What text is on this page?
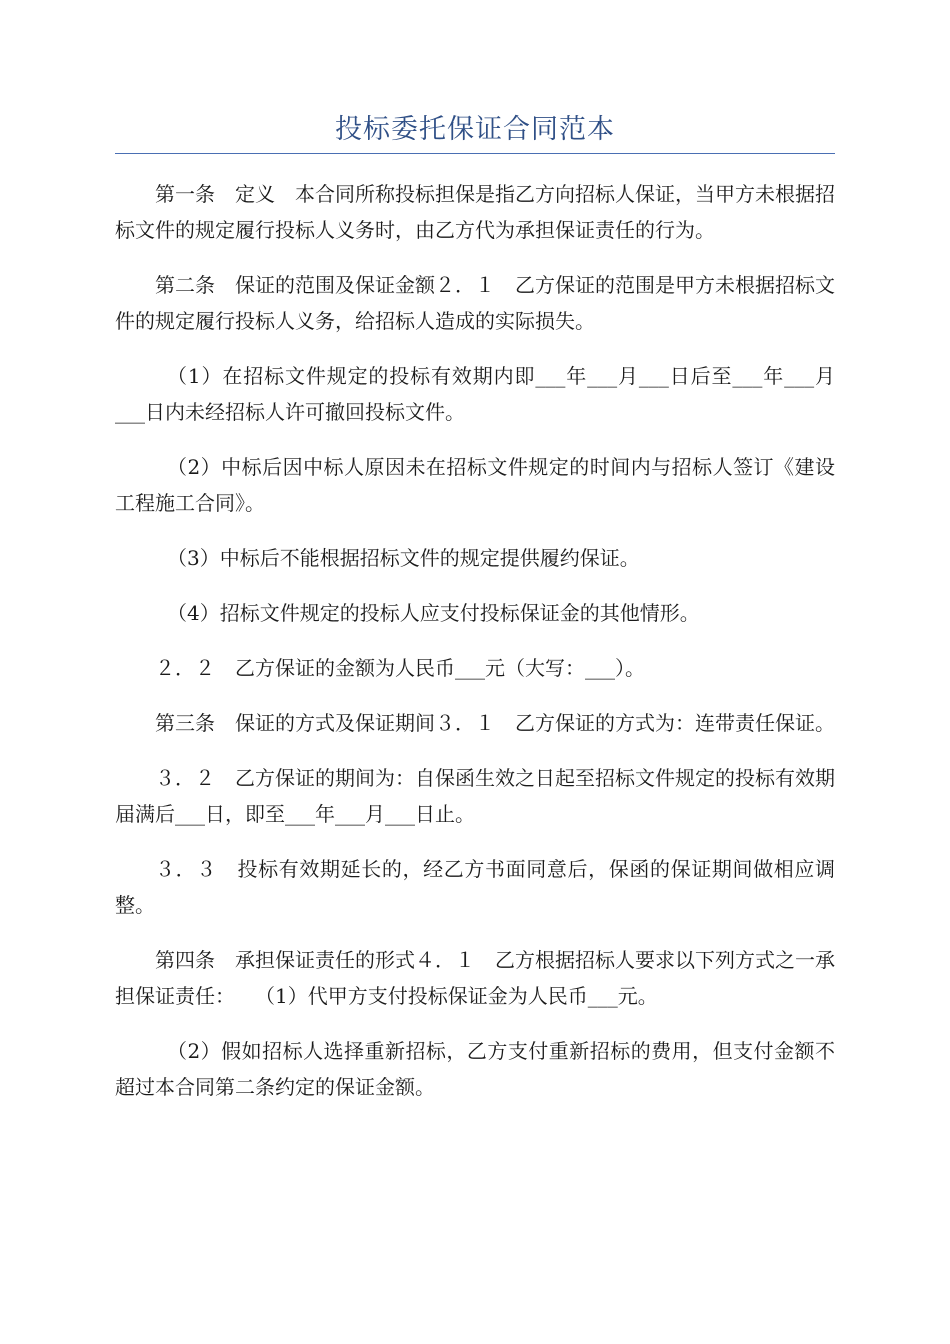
投标委托保证合同范本

第一条　定义　本合同所称投标担保是指乙方向招标人保证，当甲方未根据招标文件的规定履行投标人义务时，由乙方代为承担保证责任的行为。

第二条　保证的范围及保证金额２．１　乙方保证的范围是甲方未根据招标文件的规定履行投标人义务，给招标人造成的实际损失。

（1）在招标文件规定的投标有效期内即___年___月___日后至___年___月___日内未经招标人许可撤回投标文件。

（2）中标后因中标人原因未在招标文件规定的时间内与招标人签订《建设工程施工合同》。

（3）中标后不能根据招标文件的规定提供履约保证。

（4）招标文件规定的投标人应支付投标保证金的其他情形。

２．２　乙方保证的金额为人民币___元（大写：___）。

第三条　保证的方式及保证期间３．１　乙方保证的方式为：连带责任保证。

３．２　乙方保证的期间为：自保函生效之日起至招标文件规定的投标有效期届满后___日，即至___年___月___日止。

３．３　投标有效期延长的，经乙方书面同意后，保函的保证期间做相应调整。

第四条　承担保证责任的形式４．１　乙方根据招标人要求以下列方式之一承担保证责任：　　（1）代甲方支付投标保证金为人民币___元。

（2）假如招标人选择重新招标，乙方支付重新招标的费用，但支付金额不超过本合同第二条约定的保证金额。
